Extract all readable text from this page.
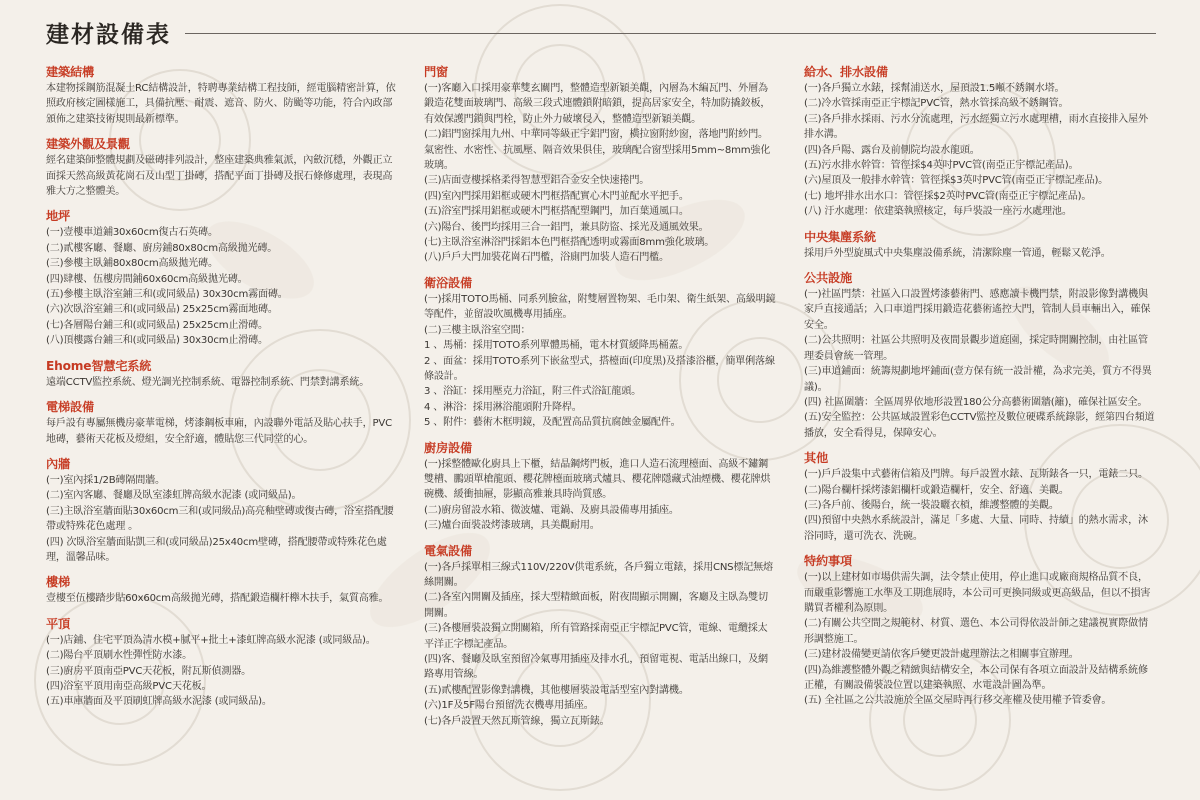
建材設備表
建築結構
本建物採鋼筋混凝土RC結構設計，特聘專業結構工程技師，經電腦精密計算，依照政府核定圖樣施工，具備抗壓、耐震、遮音、防火、防颱等功能，符合內政部頒佈之建築技術規則最新標準。
建築外觀及景觀
經名建築師整體規劃及磁磚排列設計，整座建築典雅氣派，內斂沉穩，外觀正立面採天然高級黃花崗石及山型丁掛磚，搭配平面丁掛磚及抿石條修處理，表現高雅大方之整體美。
地坪
(一)壹樓車道鋪30x60cm復古石英磚。
(二)貳樓客廳、餐廳、廚房鋪80x80cm高級拋光磚。
(三)參樓主臥鋪80x80cm高級拋光磚。
(四)肆樓、伍樓房間鋪60x60cm高級拋光磚。
(五)參樓主臥浴室鋪三和(或同級品) 30x30cm霧面磚。
(六)次臥浴室鋪三和(或同級品) 25x25cm霧面地磚。
(七)各層陽台鋪三和(或同級品) 25x25cm止滑磚。
(八)頂樓露台鋪三和(或同級品) 30x30cm止滑磚。
Ehome智慧宅系統
遠端CCTV監控系統、燈光調光控制系統、電器控制系統、門禁對講系統。
電梯設備
每戶設有專屬無機房豪華電梯，烤漆鋼板車廂，內設聯外電話及貼心扶手，PVC地磚，藝術天花板及燈組，安全舒適，體貼您三代同堂的心。
內牆
(一)室內採1/2B磚隔間牆。
(二)室內客廳、餐廳及臥室漆虹牌高級水泥漆 (或同級品)。
(三)主臥浴室牆面貼30x60cm三和(或同級品)高亮釉壁磚或復古磚，浴室搭配腰帶或特殊花色處理 。
(四) 次臥浴室牆面貼凱三和(或同級品)25x40cm壁磚，搭配腰帶或特殊花色處理，溫馨品味。
樓梯
壹樓至伍樓踏步貼60x60cm高級拋光磚，搭配鍛造欄杆櫸木扶手，氣質高雅。
平頂
(一)店鋪、住宅平頂為清水模+膩平+批土+漆虹牌高級水泥漆 (或同級品)。
(二)陽台平頂刷水性彈性防水漆。
(三)廚房平頂南亞PVC天花板，附瓦斯偵測器。
(四)浴室平頂用南亞高級PVC天花板。
(五)車庫牆面及平頂刷虹牌高級水泥漆 (或同級品)。
門窗
(一)客廳入口採用豪華雙玄關門，整體造型新穎美觀，內層為木編瓦門、外層為鍛造花雙面玻璃門、高級三段式連體鎖附暗鎖，提高居家安全，特加防撬鉸板，有效保護門鎖與門栓，防止外力破壞侵入，整體造型新穎美觀。
(二)鋁門窗採用九州、中華同等級正宇鋁門窗，橫拉窗附紗窗，落地門附紗門。氣密性、水密性、抗風壓、隔音效果俱佳，玻璃配合窗型採用5mm~8mm強化玻璃。
(三)店面壹樓採格柔得智慧型鋁合金安全快速捲門。
(四)室內門採用鋁框或硬木門框搭配實心木門並配水平把手。
(五)浴室門採用鋁框或硬木門框搭配塑鋼門，加百葉通風口。
(六)陽台、後門均採用三合一鋁門，兼具防盜、採光及通風效果。
(七)主臥浴室淋浴門採鋁本色門框搭配透明或霧面8mm強化玻璃。
(八)戶戶大門加裝花崗石門檻，浴廁門加裝人造石門檻。
衛浴設備
(一)採用TOTO馬桶、同系列臉盆，附雙層置物架、毛巾架、衛生紙架、高級明鏡等配件，並留設吹風機專用插座。
(二)三樓主臥浴室空間：
1 、馬桶：採用TOTO系列單體馬桶，電木材質緩降馬桶蓋。
2 、面盆：採用TOTO系列下嵌盆型式，搭檯面(印度黑)及搭漆浴櫃，簡單俐落線條設計。
3 、浴缸：採用壓克力浴缸，附三件式浴缸龍頭。
4 、淋浴：採用淋浴龍頭附升降桿。
5 、附件：藝術木框明鏡，及配置高品質抗腐蝕金屬配件。
廚房設備
(一)採整體歐化廚具上下櫃，結晶鋼烤門板，進口人造石流理檯面、高級不鏽鋼雙槽、鵬頭單槍龍頭、櫻花牌檯面玻璃式爐具、櫻花牌隱藏式油煙機、櫻花牌烘碗機、緩衝抽屜，影顯高雅兼具時尚質感。
(二)廚房留設水箱、微波爐、電鍋、及廚具設備專用插座。
(三)爐台面裝設烤漆玻璃，具美觀耐用。
電氣設備
(一)各戶採單相三線式110V/220V供電系統，各戶獨立電錶，採用CNS標記無熔絲開關。
(二)各室內開關及插座，採大型精緻面板，附夜間顯示開關，客廳及主臥為雙切開關。
(三)各樓層裝設獨立開關箱，所有管路採南亞正宇標記PVC管，電線、電纜採太平洋正字標記產品。
(四)客、餐廳及臥室預留冷氣專用插座及排水孔，預留電視、電話出線口，及網路專用管線。
(五)貳樓配置影像對講機，其他樓層裝設電話型室內對講機。
(六)1F及5F陽台預留洗衣機專用插座。
(七)各戶設置天然瓦斯管線，獨立瓦斯錶。
給水、排水設備
(一)各戶獨立水錶，採幫浦送水，屋頂設1.5噸不銹鋼水塔。
(二)冷水管採南亞正宇標記PVC管，熱水管採高級不銹鋼管。
(三)各戶排水採雨、污水分流處理，污水經獨立污水處理槽，雨水直接排入屋外排水溝。
(四)各戶陽、露台及前側院均設水龍頭。
(五)污水排水幹管：管徑採$4英吋PVC管(南亞正宇標記產品)。
(六)屋頂及一般排水幹管：管徑採$3英吋PVC管(南亞正宇標記產品)。
(七) 地坪排水出水口：管徑採$2英吋PVC管(南亞正宇標記產品)。
(八) 汙水處理：依建築執照核定，每戶裝設一座污水處理池。
中央集塵系統
採用戶外型旋風式中央集塵設備系統，清潔除塵一管通，輕鬆又乾淨。
公共設施
(一)社區門禁：社區入口設置烤漆藝術門、感應讀卡機門禁，附設影像對講機與家戶直接通話；入口車道門採用鍛造花藝術遙控大門，管制人員車輛出入，確保安全。
(二)公共照明：社區公共照明及夜間景觀步道庭園，採定時開關控制，由社區管理委員會統一管理。
(三)車道鋪面：統籌規劃地坪鋪面(壹方保有統一設計權，為求完美，質方不得異議)。
(四) 社區圍牆：全區周界依地形設置180公分高藝術圍牆(籬)，確保社區安全。
(五)安全監控：公共區域設置彩色CCTV監控及數位硬碟系統錄影，經第四台頻道播放，安全看得見，保障安心。
其他
(一)戶戶設集中式藝術信箱及門牌。每戶設置水錶、瓦斯錶各一只，電錶二只。
(二)陽台欄杆採烤漆鋁欄杆或鍛造欄杆，安全、舒適、美觀。
(三)各戶前、後陽台，統一裝設曬衣槓，維護整體的美觀。
(四)預留中央熱水系統設計，滿足「多處、大量、同時、持續」的熱水需求，沐浴同時，還可洗衣、洗碗。
特約事項
(一)以上建材如市場供需失調，法令禁止使用，停止進口或廠商規格品質不良，而嚴重影響施工水準及工期進展時，本公司可更換同級或更高級品，但以不損害購買者權利為原則。
(二)有關公共空間之規範材、材質、選色、本公司得依設計師之建議視實際做情形調整施工。
(三)建材設備變更請依客戶變更設計處理辦法之相關事宜辦理。
(四)為維護整體外觀之精緻與結構安全，本公司保有各項立面設計及結構系統修正權，有關設備裝設位置以建築執照、水電設計圖為準。
(五) 全社區之公共設施於全區交屋時再行移交產權及使用權予管委會。
